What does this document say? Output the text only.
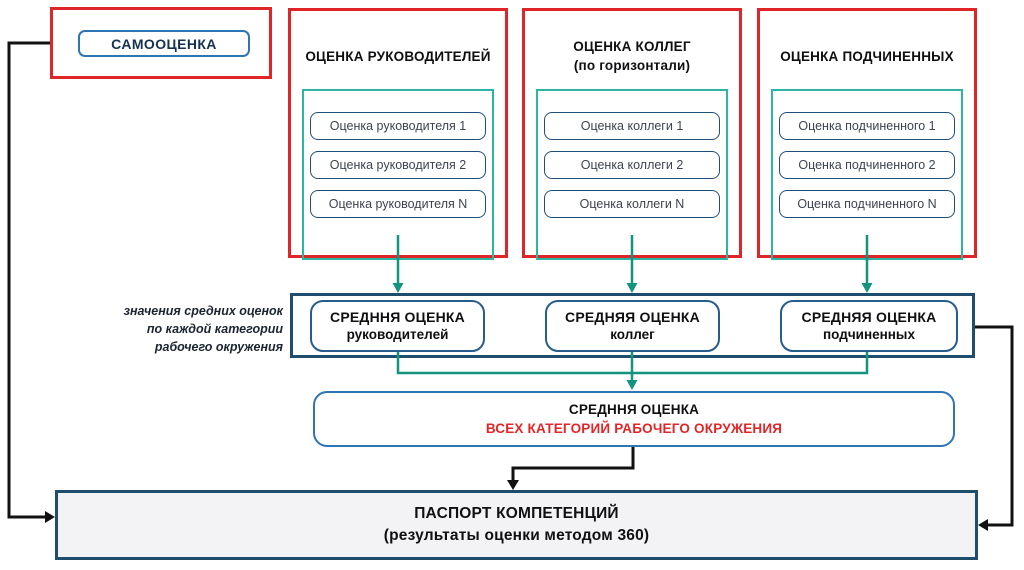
САМООЦЕНКА
ОЦЕНКА РУКОВОДИТЕЛЕЙ
Оценка руководителя 1
Оценка руководителя 2
Оценка руководителя N
ОЦЕНКА КОЛЛЕГ
(по горизонтали)
Оценка коллеги 1
Оценка коллеги 2
Оценка коллеги N
ОЦЕНКА ПОДЧИНЕННЫХ
Оценка подчиненного 1
Оценка подчиненного 2
Оценка подчиненного N
значения средних оценок
по каждой категории
рабочего окружения
СРЕДННЯ ОЦЕНКА
руководителей
СРЕДНЯЯ ОЦЕНКА
коллег
СРЕДНЯЯ ОЦЕНКА
подчиненных
СРЕДННЯ ОЦЕНКА
ВСЕХ КАТЕГОРИЙ РАБОЧЕГО ОКРУЖЕНИЯ
ПАСПОРТ КОМПЕТЕНЦИЙ
(результаты оценки методом 360)
